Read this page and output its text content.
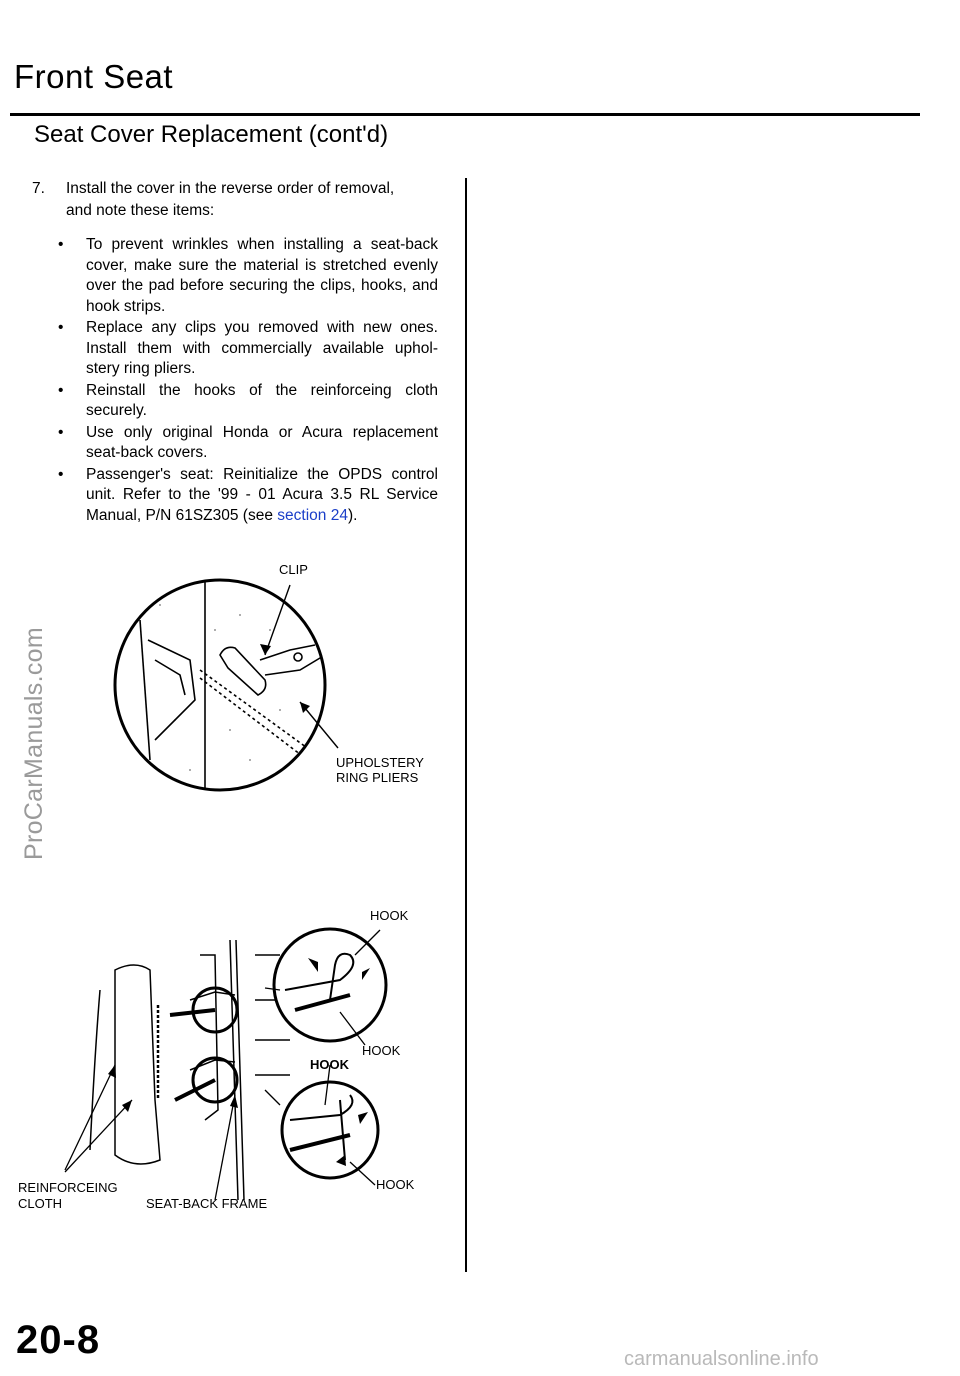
Front Seat
Seat Cover Replacement (cont'd)
7. Install the cover in the reverse order of removal,
and note these items:
• To prevent wrinkles when installing a seat-back cover, make sure the material is stretched evenly over the pad before securing the clips, hooks, and hook strips.
• Replace any clips you removed with new ones. Install them with commercially available uphol-stery ring pliers.
• Reinstall the hooks of the reinforceing cloth securely.
• Use only original Honda or Acura replacement seat-back covers.
• Passenger's seat: Reinitialize the OPDS control unit. Refer to the '99 - 01 Acura 3.5 RL Service Manual, P/N 61SZ305 (see section 24).
CLIP
UPHOLSTERY
RING PLIERS
HOOK
HOOK
HOOK
HOOK
REINFORCEING
CLOTH	SEAT-BACK FRAME
ProCarManuals.com
20-8	carmanualsonline.info
